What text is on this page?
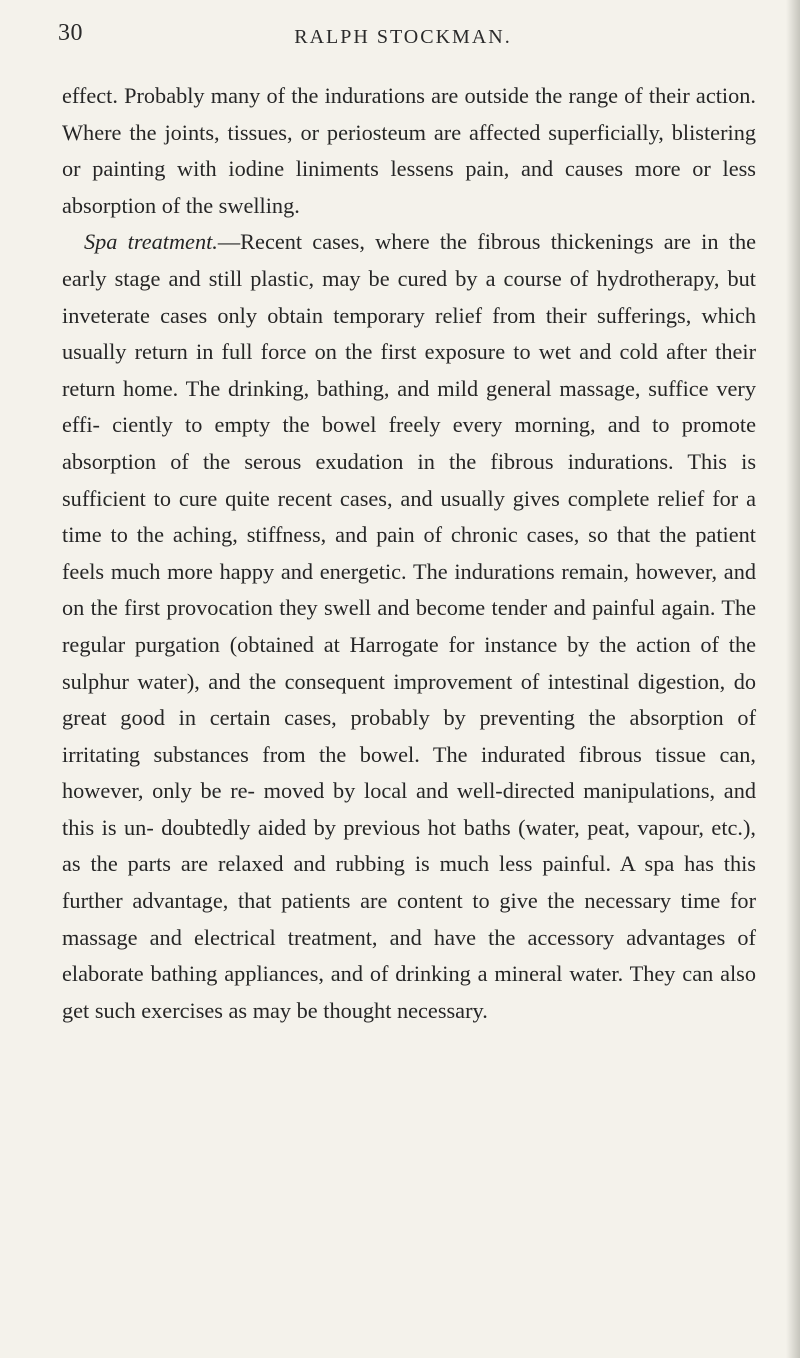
30	RALPH STOCKMAN.

effect. Probably many of the indurations are outside the range of their action. Where the joints, tissues, or periosteum are affected superficially, blistering or painting with iodine liniments lessens pain, and causes more or less absorption of the swelling.

Spa treatment.—Recent cases, where the fibrous thickenings are in the early stage and still plastic, may be cured by a course of hydrotherapy, but inveterate cases only obtain temporary relief from their sufferings, which usually return in full force on the first exposure to wet and cold after their return home. The drinking, bathing, and mild general massage, suffice very effi- ciently to empty the bowel freely every morning, and to promote absorption of the serous exudation in the fibrous indurations. This is sufficient to cure quite recent cases, and usually gives complete relief for a time to the aching, stiffness, and pain of chronic cases, so that the patient feels much more happy and energetic. The indurations remain, however, and on the first provocation they swell and become tender and painful again. The regular purgation (obtained at Harrogate for instance by the action of the sulphur water), and the consequent improvement of intestinal digestion, do great good in certain cases, probably by preventing the absorption of irritating substances from the bowel. The indurated fibrous tissue can, however, only be re- moved by local and well-directed manipulations, and this is un- doubtedly aided by previous hot baths (water, peat, vapour, etc.), as the parts are relaxed and rubbing is much less painful. A spa has this further advantage, that patients are content to give the necessary time for massage and electrical treatment, and have the accessory advantages of elaborate bathing appliances, and of drinking a mineral water. They can also get such exercises as may be thought necessary.
